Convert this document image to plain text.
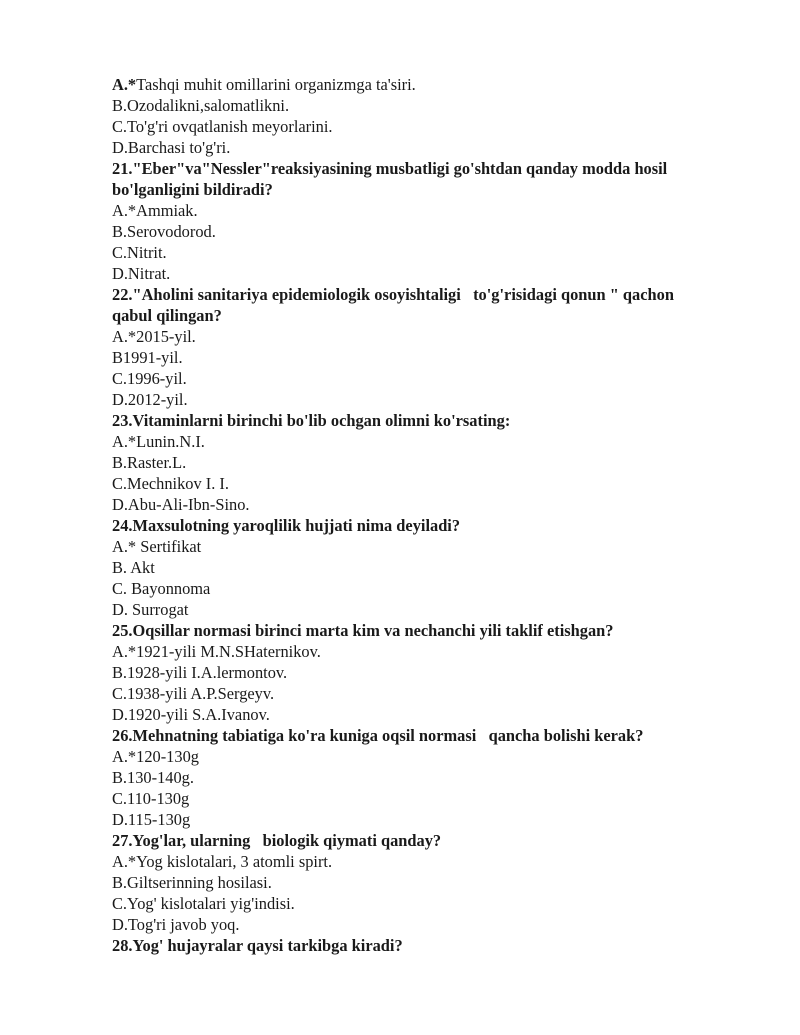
A.*Tashqi muhit omillarini organizmga ta'siri.

B.Ozodalikni,salomatlikni.

C.To'g'ri ovqatlanish meyorlarini.

D.Barchasi to'g'ri.

21."Eber"va"Nessler"reaksiyasining musbatligi go'shtdan qanday modda hosil

bo'lganligini bildiradi?

A.*Ammiak.

B.Serovodorod.

C.Nitrit.

D.Nitrat.

22."Aholini sanitariya epidemiologik osoyishtaligi   to'g'risidagi qonun " qachon

qabul qilingan?

A.*2015-yil.

B1991-yil.

C.1996-yil.

D.2012-yil.

23.Vitaminlarni birinchi bo'lib ochgan olimni ko'rsating:

A.*Lunin.N.I.

B.Raster.L.

C.Mechnikov I. I.

D.Abu-Ali-Ibn-Sino.

24.Maxsulotning yaroqlilik hujjati nima deyiladi?

A.* Sertifikat

B. Akt

C. Bayonnoma

D. Surrogat

25.Oqsillar normasi birinci marta kim va nechanchi yili taklif etishgan?

A.*1921-yili M.N.SHaternikov.

B.1928-yili I.A.lermontov.

C.1938-yili A.P.Sergeyv.

D.1920-yili S.A.Ivanov.

26.Mehnatning tabiatiga ko'ra kuniga oqsil normasi   qancha bolishi kerak?

A.*120-130g

B.130-140g.

C.110-130g

D.115-130g

27.Yog'lar, ularning   biologik qiymati qanday?

A.*Yog kislotalari, 3 atomli spirt.

B.Giltserinning hosilasi.

C.Yog' kislotalari yig'indisi.

D.Tog'ri javob yoq.

28.Yog' hujayralar qaysi tarkibga kiradi?
